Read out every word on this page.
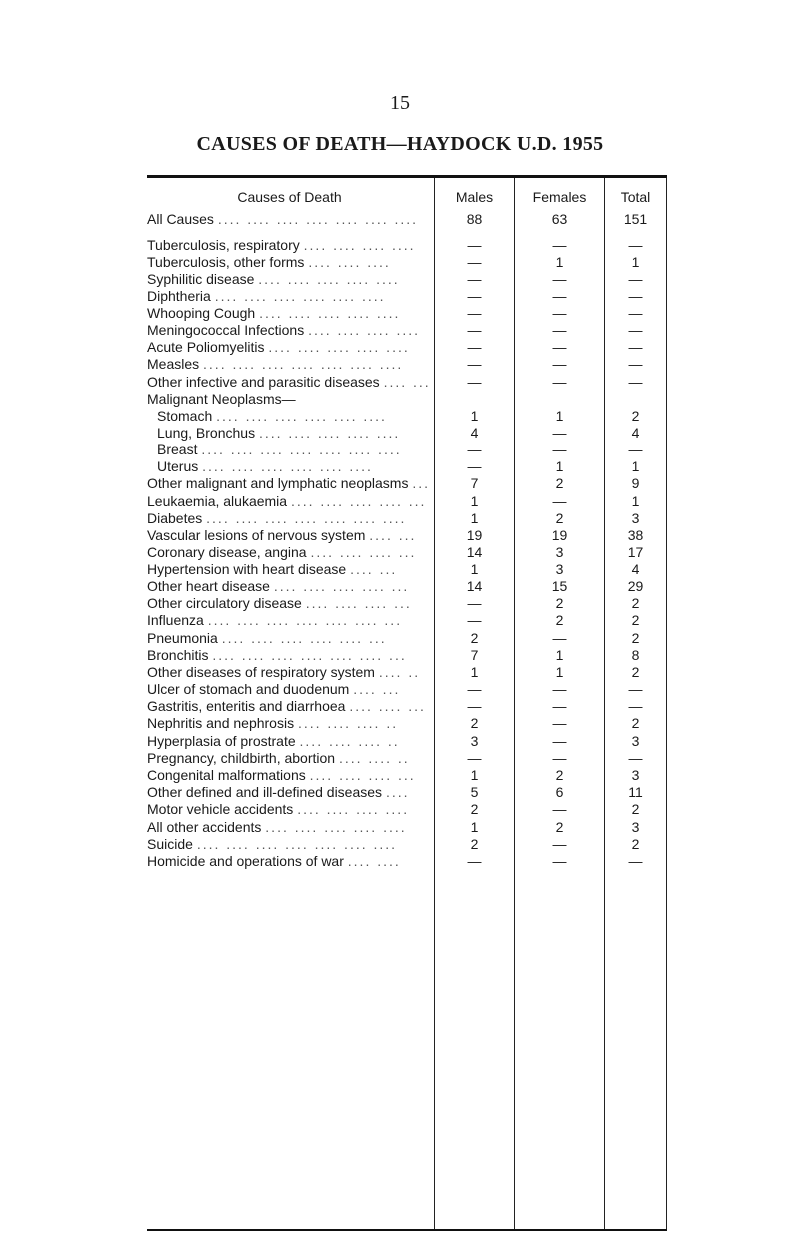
15
CAUSES OF DEATH—HAYDOCK U.D. 1955
Causes of Death	Males	Females	Total
All Causes .... .... .... .... .... .... ....	88	63	151
Tuberculosis, respiratory .... .... .... ....	—	—	—
Tuberculosis, other forms .... .... ....	—	1	1
Syphilitic disease .... .... .... .... ....	—	—	—
Diphtheria .... .... .... .... .... ....	—	—	—
Whooping Cough .... .... .... .... ....	—	—	—
Meningococcal Infections .... .... .... ....	—	—	—
Acute Poliomyelitis .... .... .... .... ....	—	—	—
Measles .... .... .... .... .... .... ....	—	—	—
Other infective and parasitic diseases .... ...	—	—	—
Malignant Neoplasms—
Stomach .... .... .... .... .... ....	1	1	2
Lung, Bronchus .... .... .... .... ....	4	—	4
Breast .... .... .... .... .... .... ....	—	—	—
Uterus .... .... .... .... .... ....	—	1	1
Other malignant and lymphatic neoplasms ...	7	2	9
Leukaemia, alukaemia .... .... .... .... ...	1	—	1
Diabetes .... .... .... .... .... .... ....	1	2	3
Vascular lesions of nervous system .... ...	19	19	38
Coronary disease, angina .... .... .... ...	14	3	17
Hypertension with heart disease .... ...	1	3	4
Other heart disease .... .... .... .... ...	14	15	29
Other circulatory disease .... .... .... ...	—	2	2
Influenza .... .... .... .... .... .... ...	—	2	2
Pneumonia .... .... .... .... .... ...	2	—	2
Bronchitis .... .... .... .... .... .... ...	7	1	8
Other diseases of respiratory system .... ..	1	1	2
Ulcer of stomach and duodenum .... ...	—	—	—
Gastritis, enteritis and diarrhoea .... .... ...	—	—	—
Nephritis and nephrosis .... .... .... ..	2	—	2
Hyperplasia of prostrate .... .... .... ..	3	—	3
Pregnancy, childbirth, abortion .... .... ..	—	—	—
Congenital malformations .... .... .... ...	1	2	3
Other defined and ill-defined diseases ....	5	6	11
Motor vehicle accidents .... .... .... ....	2	—	2
All other accidents .... .... .... .... ....	1	2	3
Suicide .... .... .... .... .... .... ....	2	—	2
Homicide and operations of war .... ....	—	—	—
